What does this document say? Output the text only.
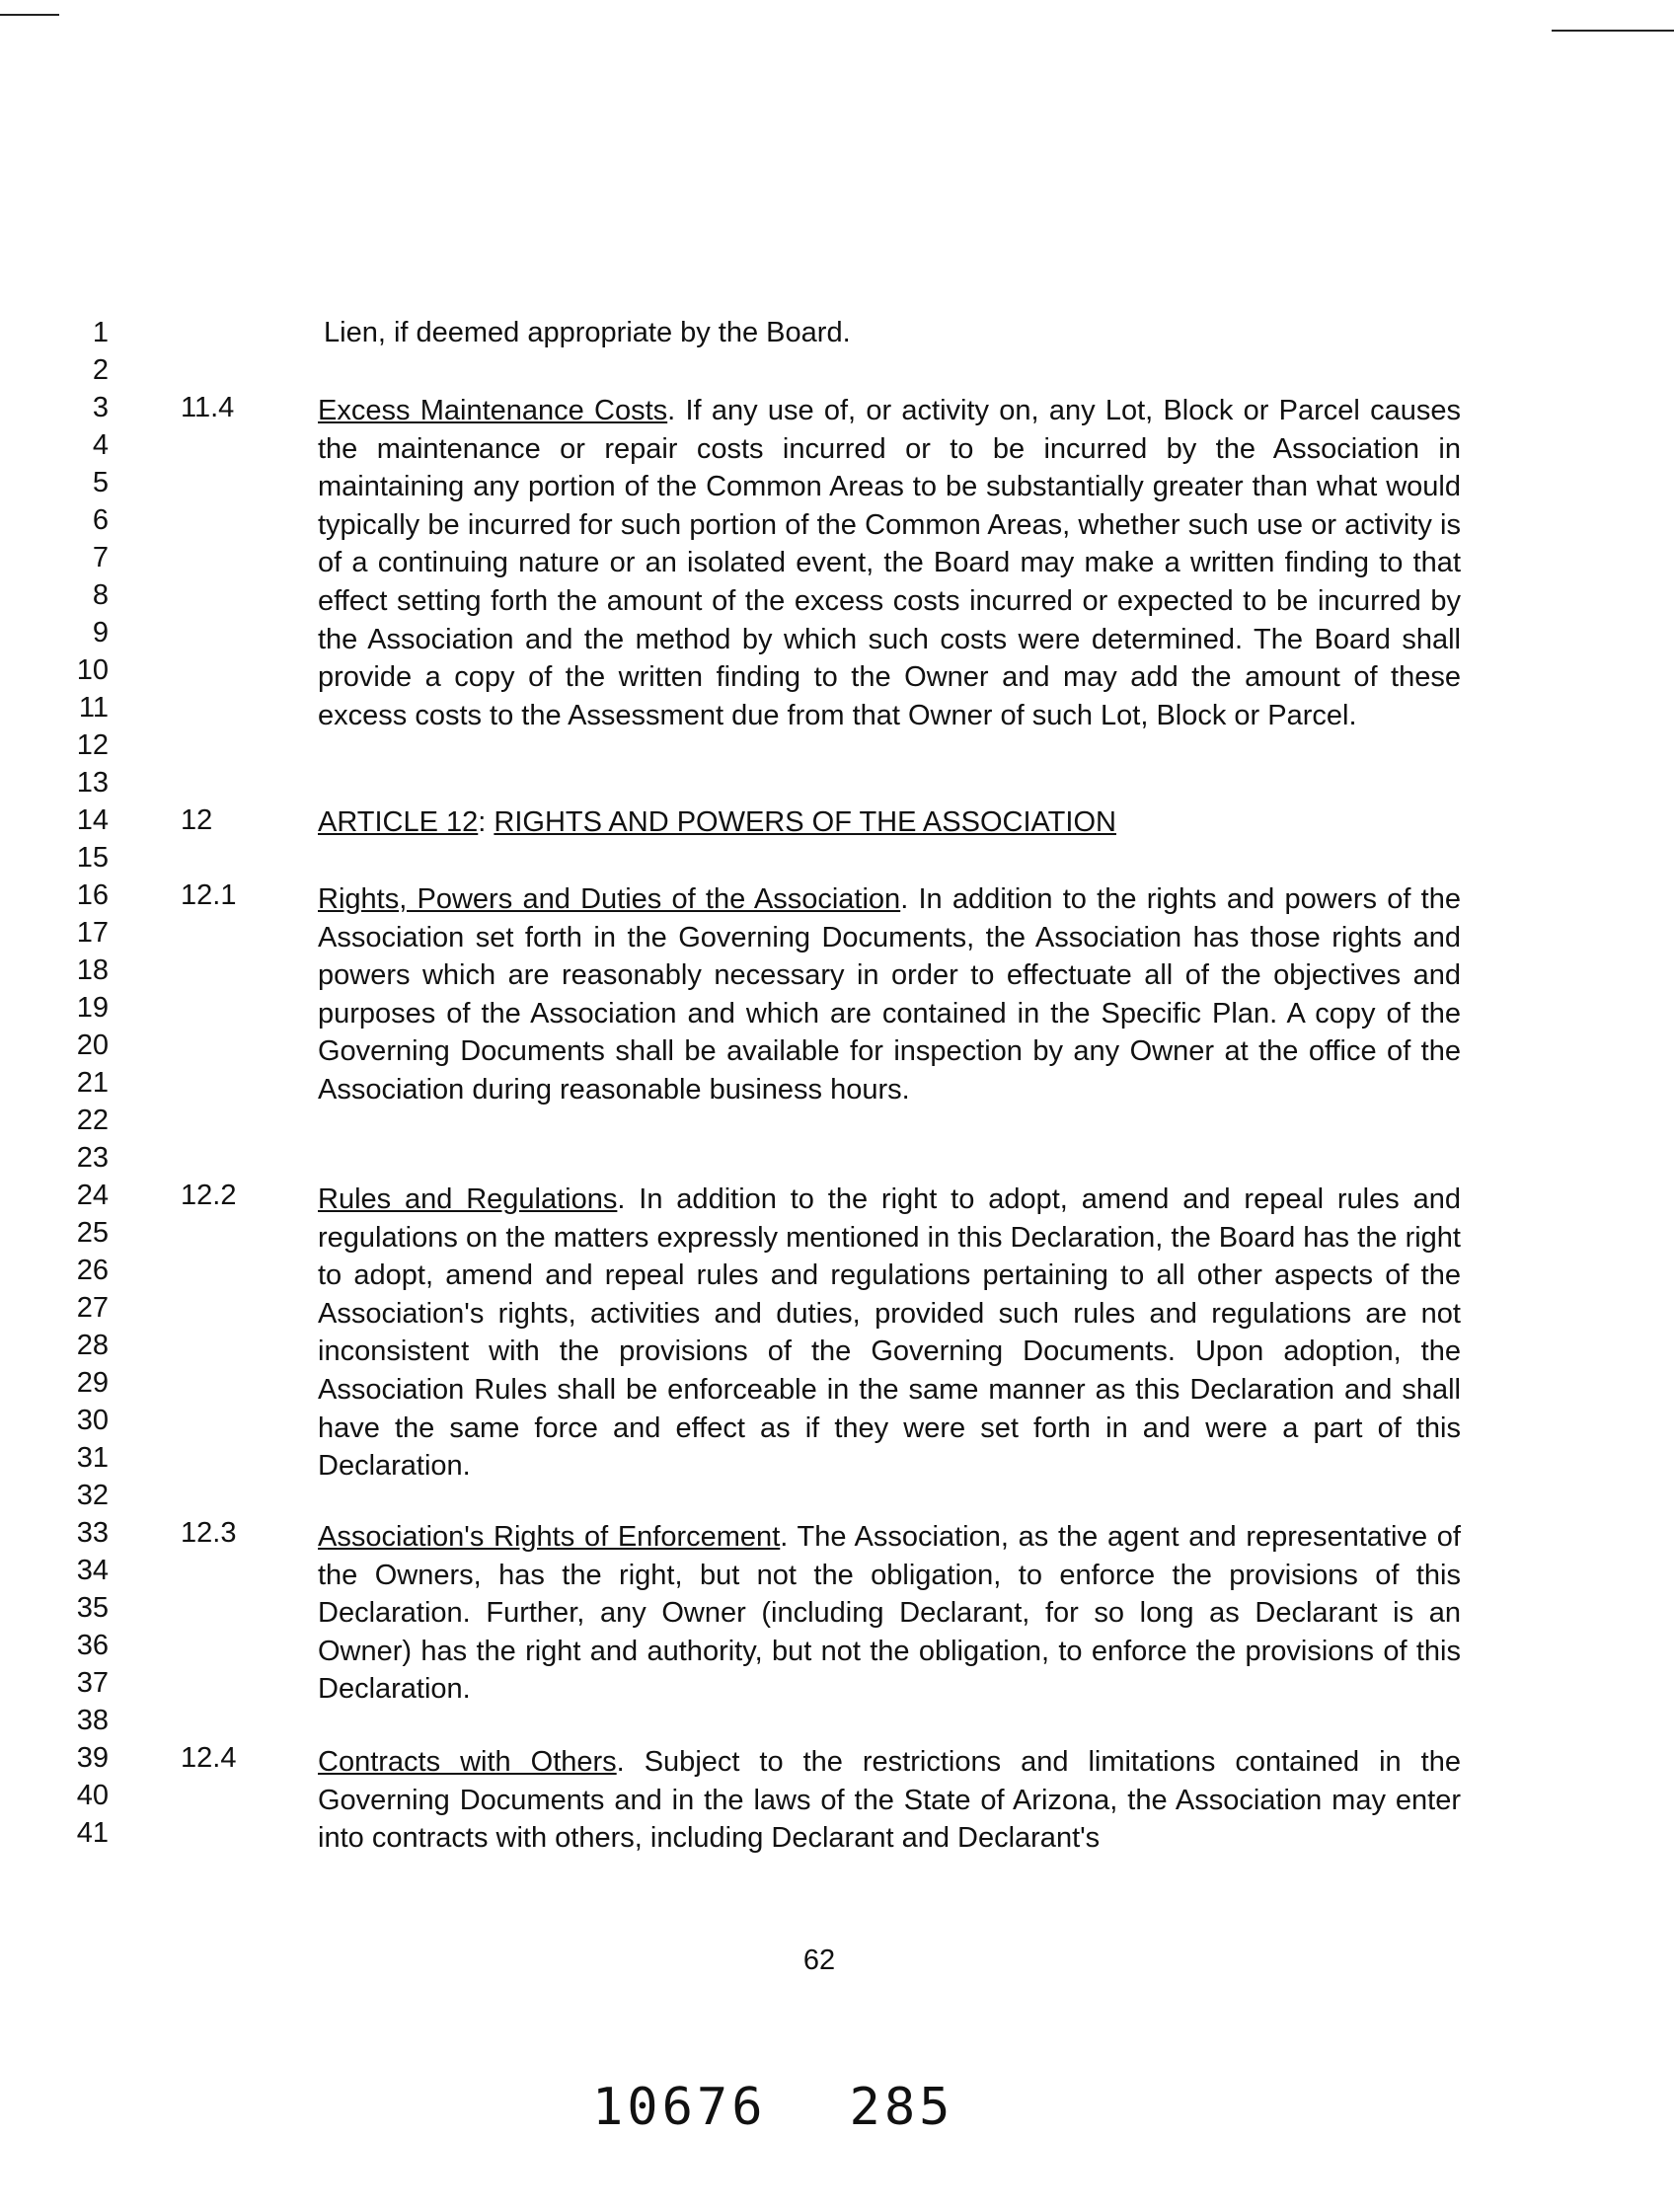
1
2
3
4
5
6
7
8
9
10
11
12
13
14
15
16
17
18
19
20
21
22
23
24
25
26
27
28
29
30
31
32
33
34
35
36
37
38
39
40
41
Lien, if deemed appropriate by the Board.
11.4	Excess Maintenance Costs. If any use of, or activity on, any Lot, Block or Parcel causes the maintenance or repair costs incurred or to be incurred by the Association in maintaining any portion of the Common Areas to be substantially greater than what would typically be incurred for such portion of the Common Areas, whether such use or activity is of a continuing nature or an isolated event, the Board may make a written finding to that effect setting forth the amount of the excess costs incurred or expected to be incurred by the Association and the method by which such costs were determined. The Board shall provide a copy of the written finding to the Owner and may add the amount of these excess costs to the Assessment due from that Owner of such Lot, Block or Parcel.
12	ARTICLE 12: RIGHTS AND POWERS OF THE ASSOCIATION
12.1	Rights, Powers and Duties of the Association. In addition to the rights and powers of the Association set forth in the Governing Documents, the Association has those rights and powers which are reasonably necessary in order to effectuate all of the objectives and purposes of the Association and which are contained in the Specific Plan. A copy of the Governing Documents shall be available for inspection by any Owner at the office of the Association during reasonable business hours.
12.2	Rules and Regulations. In addition to the right to adopt, amend and repeal rules and regulations on the matters expressly mentioned in this Declaration, the Board has the right to adopt, amend and repeal rules and regulations pertaining to all other aspects of the Association's rights, activities and duties, provided such rules and regulations are not inconsistent with the provisions of the Governing Documents. Upon adoption, the Association Rules shall be enforceable in the same manner as this Declaration and shall have the same force and effect as if they were set forth in and were a part of this Declaration.
12.3	Association's Rights of Enforcement. The Association, as the agent and representative of the Owners, has the right, but not the obligation, to enforce the provisions of this Declaration. Further, any Owner (including Declarant, for so long as Declarant is an Owner) has the right and authority, but not the obligation, to enforce the provisions of this Declaration.
12.4	Contracts with Others. Subject to the restrictions and limitations contained in the Governing Documents and in the laws of the State of Arizona, the Association may enter into contracts with others, including Declarant and Declarant's
62
10676 285
